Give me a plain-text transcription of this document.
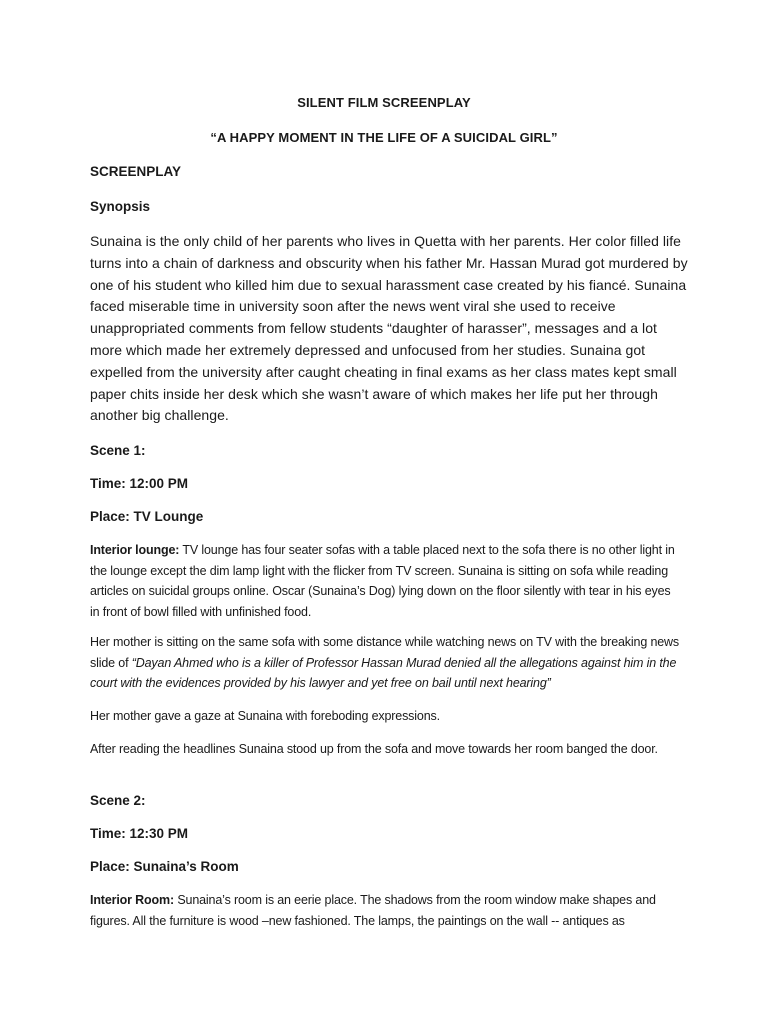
SILENT FILM SCREENPLAY
“A HAPPY MOMENT IN THE LIFE OF A SUICIDAL GIRL”
SCREENPLAY
Synopsis
Sunaina is the only child of her parents who lives in Quetta with her parents. Her color filled life turns into a chain of darkness and obscurity when his father Mr. Hassan Murad got murdered by one of his student who killed him due to sexual harassment case created by his fiancé. Sunaina faced miserable time in university soon after the news went viral she used to receive unappropriated comments from fellow students “daughter of harasser”, messages and a lot more which made her extremely depressed and unfocused from her studies. Sunaina got expelled from the university after caught cheating in final exams as her class mates kept small paper chits inside her desk which she wasn’t aware of which makes her life put her through another big challenge.
Scene 1:
Time: 12:00 PM
Place: TV Lounge
Interior lounge: TV lounge has four seater sofas with a table placed next to the sofa there is no other light in the lounge except the dim lamp light with the flicker from TV screen. Sunaina is sitting on sofa while reading articles on suicidal groups online. Oscar (Sunaina’s Dog) lying down on the floor silently with tear in his eyes in front of bowl filled with unfinished food.
Her mother is sitting on the same sofa with some distance while watching news on TV with the breaking news slide of “Dayan Ahmed who is a killer of Professor Hassan Murad denied all the allegations against him in the court with the evidences provided by his lawyer and yet free on bail until next hearing”
Her mother gave a gaze at Sunaina with foreboding expressions.
After reading the headlines Sunaina stood up from the sofa and move towards her room banged the door.
Scene 2:
Time: 12:30 PM
Place: Sunaina’s Room
Interior Room: Sunaina’s room is an eerie place. The shadows from the room window make shapes and figures. All the furniture is wood –new fashioned. The lamps, the paintings on the wall -- antiques as
